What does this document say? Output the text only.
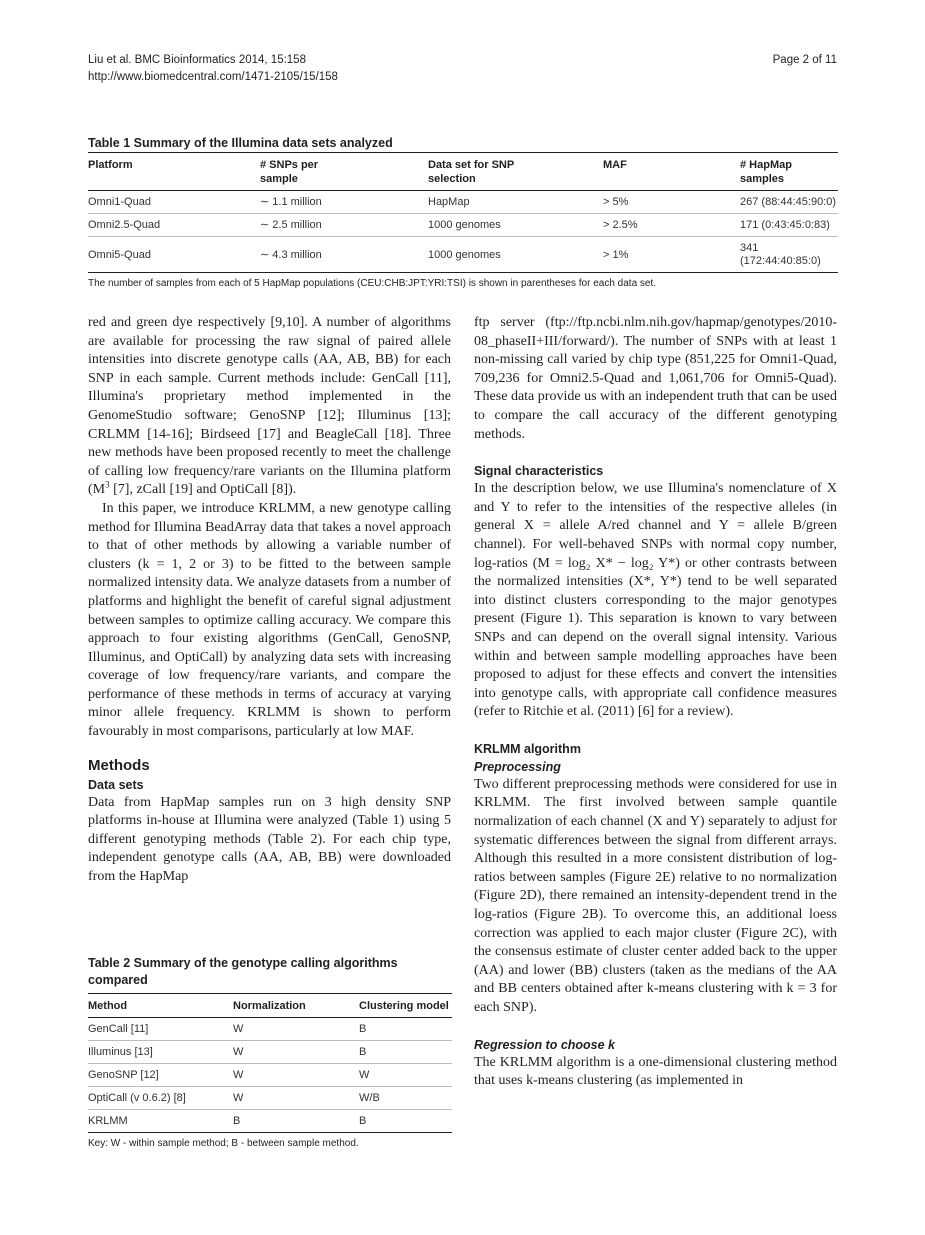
Liu et al. BMC Bioinformatics 2014, 15:158
http://www.biomedcentral.com/1471-2105/15/158
Page 2 of 11
Table 1 Summary of the Illumina data sets analyzed
Platform	# SNPs per sample	Data set for SNP selection	MAF	# HapMap samples
Omni1-Quad	∼ 1.1 million	HapMap	> 5%	267 (88:44:45:90:0)
Omni2.5-Quad	∼ 2.5 million	1000 genomes	> 2.5%	171 (0:43:45:0:83)
Omni5-Quad	∼ 4.3 million	1000 genomes	> 1%	341 (172:44:40:85:0)
The number of samples from each of 5 HapMap populations (CEU:CHB:JPT:YRI:TSI) is shown in parentheses for each data set.

red and green dye respectively [9,10]. A number of algorithms are available for processing the raw signal of paired allele intensities into discrete genotype calls (AA, AB, BB) for each SNP in each sample. Current methods include: GenCall [11], Illumina's proprietary method implemented in the GenomeStudio software; GenoSNP [12]; Illuminus [13]; CRLMM [14-16]; Birdseed [17] and BeagleCall [18]. Three new methods have been proposed recently to meet the challenge of calling low frequency/rare variants on the Illumina platform ($M^3$ [7], zCall [19] and OptiCall [8]).

In this paper, we introduce KRLMM, a new genotype calling method for Illumina BeadArray data that takes a novel approach to that of other methods by allowing a variable number of clusters (k = 1, 2 or 3) to be fitted to the between sample normalized intensity data. We analyze datasets from a number of platforms and highlight the benefit of careful signal adjustment between samples to optimize calling accuracy. We compare this approach to four existing algorithms (GenCall, GenoSNP, Illuminus, and OptiCall) by analyzing data sets with increasing coverage of low frequency/rare variants, and compare the performance of these methods in terms of accuracy at varying minor allele frequency. KRLMM is shown to perform favourably in most comparisons, particularly at low MAF.

Methods
Data sets

Data from HapMap samples run on 3 high density SNP platforms in-house at Illumina were analyzed (Table 1) using 5 different genotyping methods (Table 2). For each chip type, independent genotype calls (AA, AB, BB) were downloaded from the HapMap

Table 2 Summary of the genotype calling algorithms compared
Method	Normalization	Clustering model
GenCall [11]	W	B
Illuminus [13]	W	B
GenoSNP [12]	W	W
OptiCall (v 0.6.2) [8]	W	W/B
KRLMM	B	B
Key: W - within sample method; B - between sample method.

ftp server (ftp://ftp.ncbi.nlm.nih.gov/hapmap/genotypes/2010-08_phaseII+III/forward/). The number of SNPs with at least 1 non-missing call varied by chip type (851,225 for Omni1-Quad, 709,236 for Omni2.5-Quad and 1,061,706 for Omni5-Quad). These data provide us with an independent truth that can be used to compare the call accuracy of the different genotyping methods.

Signal characteristics

In the description below, we use Illumina's nomenclature of X and Y to refer to the intensities of the respective alleles (in general X = allele A/red channel and Y = allele B/green channel). For well-behaved SNPs with normal copy number, log-ratios (M = log₂ X* − log₂ Y*) or other contrasts between the normalized intensities (X*, Y*) tend to be well separated into distinct clusters corresponding to the major genotypes present (Figure 1). This separation is known to vary between SNPs and can depend on the overall signal intensity. Various within and between sample modelling approaches have been proposed to adjust for these effects and convert the intensities into genotype calls, with appropriate call confidence measures (refer to Ritchie et al. (2011) [6] for a review).

KRLMM algorithm
Preprocessing

Two different preprocessing methods were considered for use in KRLMM. The first involved between sample quantile normalization of each channel (X and Y) separately to adjust for systematic differences between the signal from different arrays. Although this resulted in a more consistent distribution of log-ratios between samples (Figure 2E) relative to no normalization (Figure 2D), there remained an intensity-dependent trend in the log-ratios (Figure 2B). To overcome this, an additional loess correction was applied to each major cluster (Figure 2C), with the consensus estimate of cluster center added back to the upper (AA) and lower (BB) clusters (taken as the medians of the AA and BB centers obtained after k-means clustering with k = 3 for each SNP).

Regression to choose k

The KRLMM algorithm is a one-dimensional clustering method that uses k-means clustering (as implemented in
